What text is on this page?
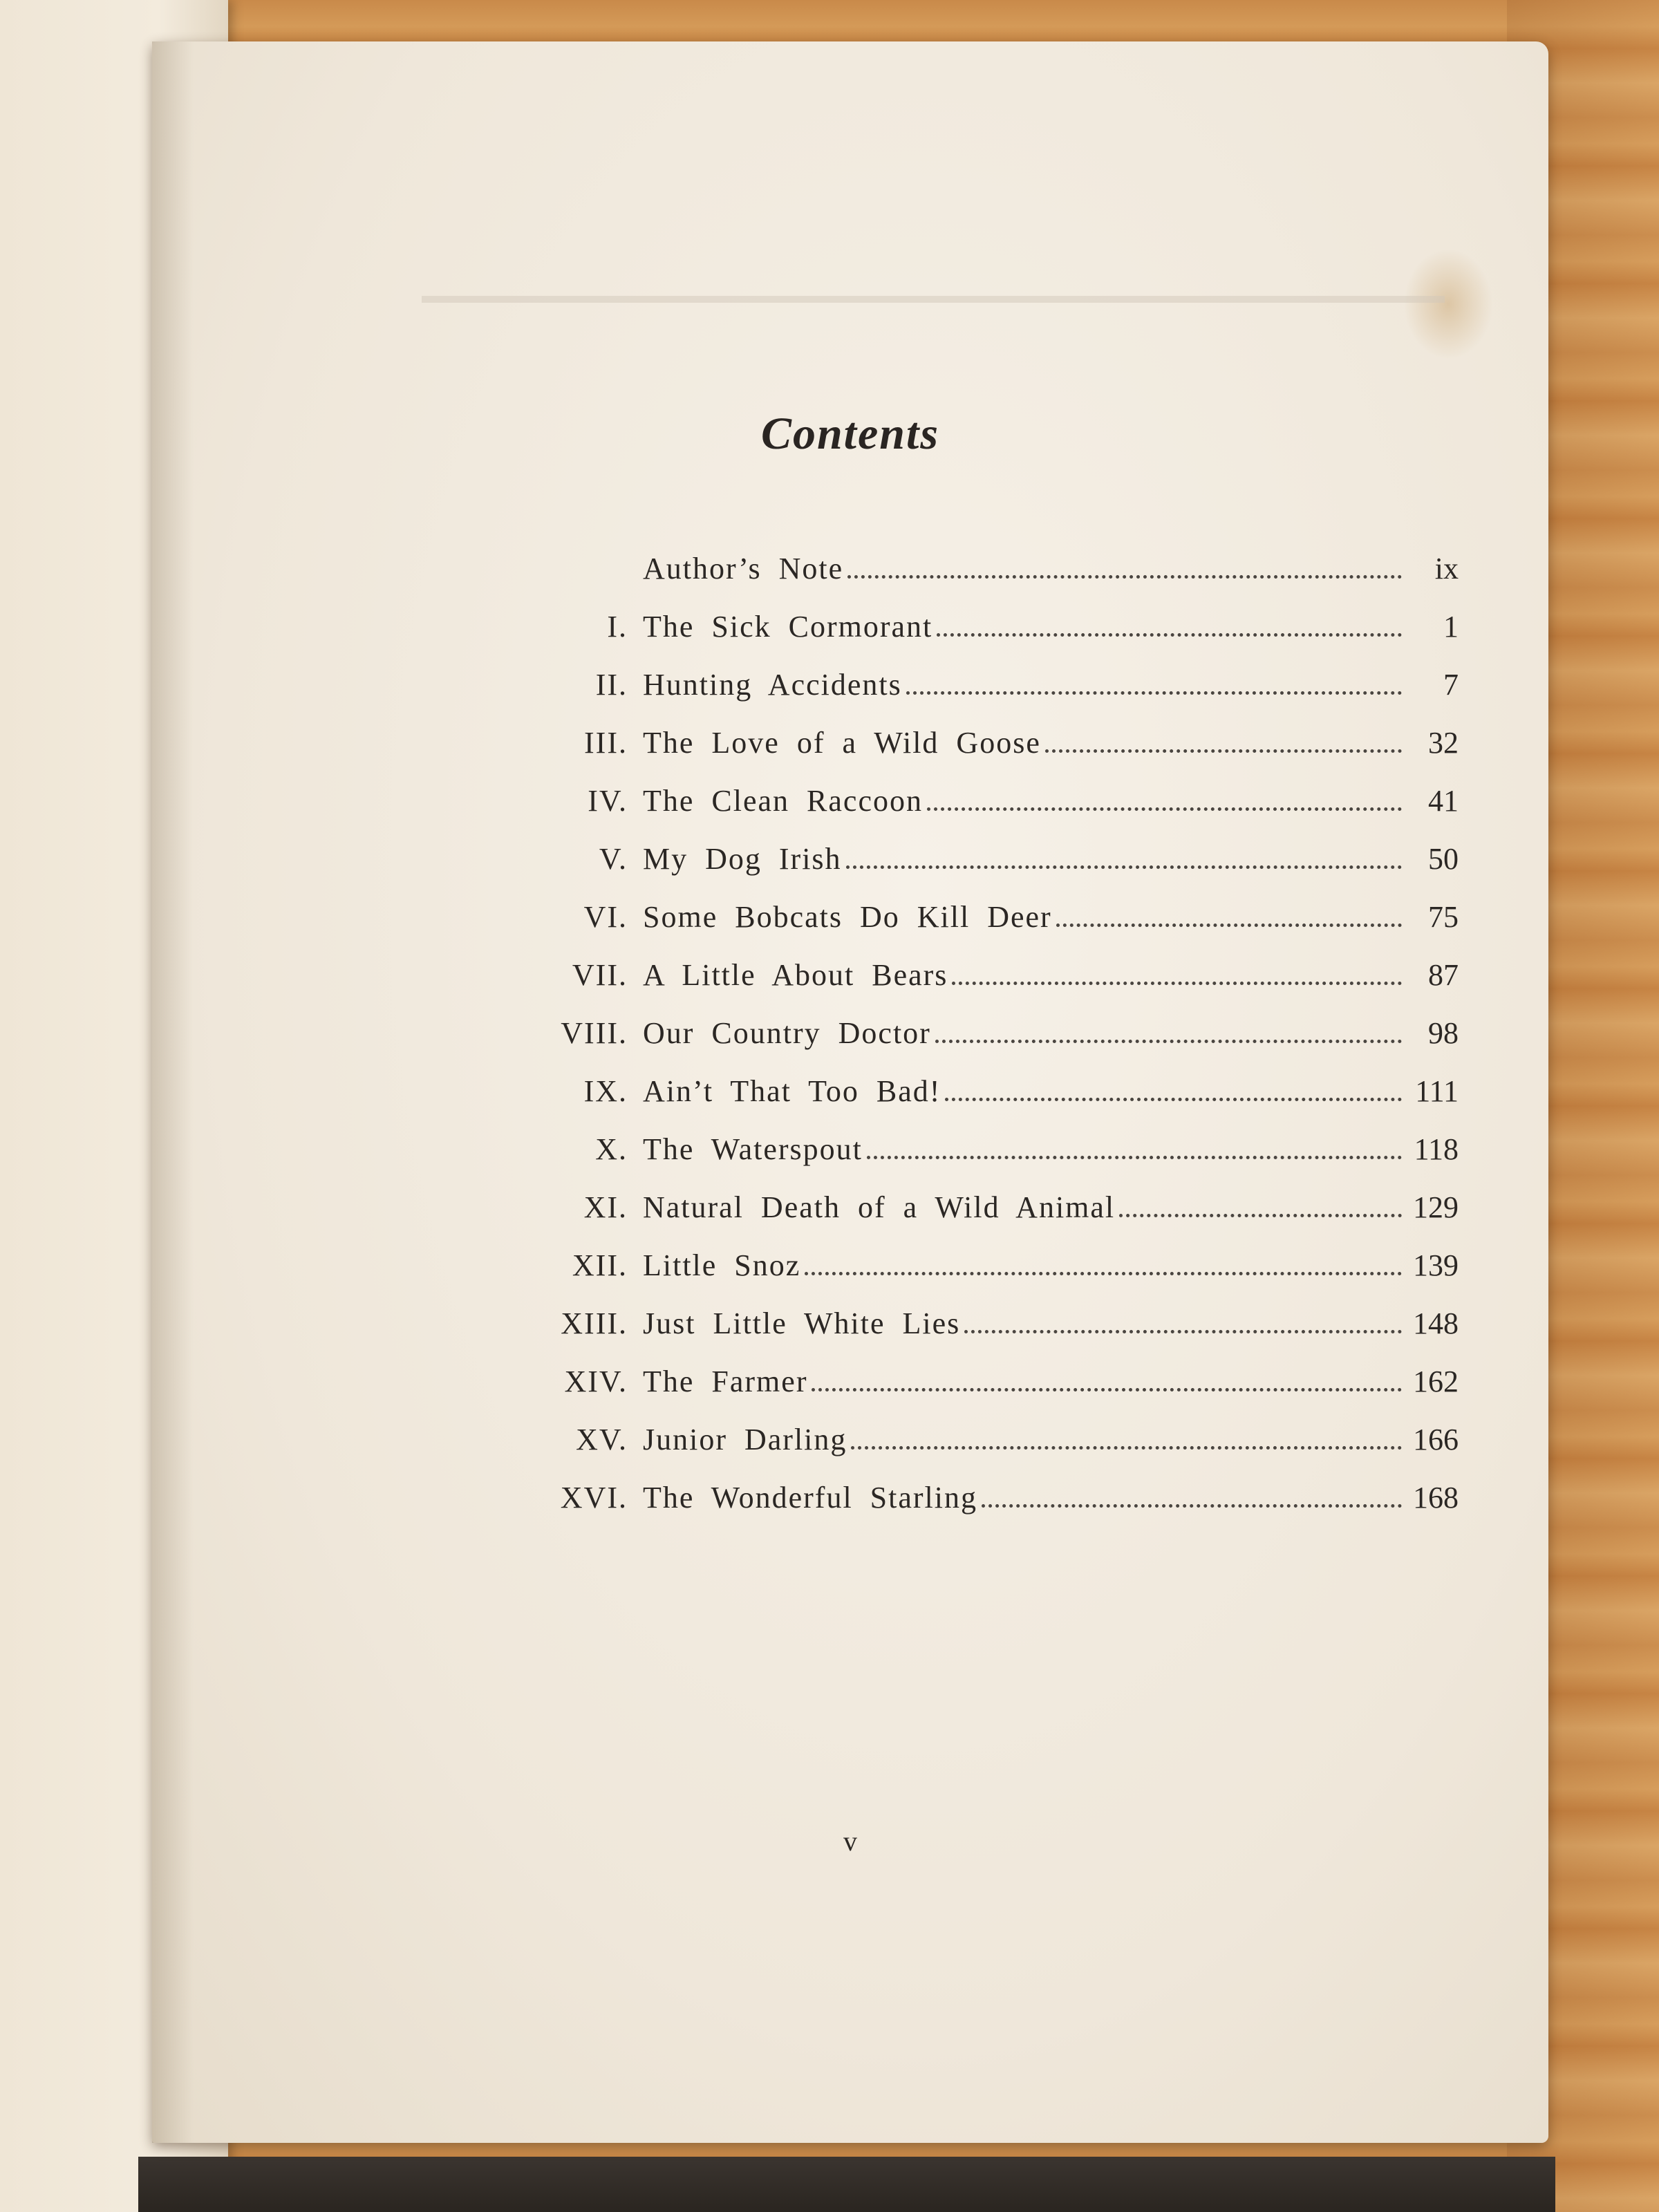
Contents
Author’s Note	ix
I. The Sick Cormorant	1
II. Hunting Accidents	7
III. The Love of a Wild Goose	32
IV. The Clean Raccoon	41
V. My Dog Irish	50
VI. Some Bobcats Do Kill Deer	75
VII. A Little About Bears	87
VIII. Our Country Doctor	98
IX. Ain’t That Too Bad!	111
X. The Waterspout	118
XI. Natural Death of a Wild Animal	129
XII. Little Snoz	139
XIII. Just Little White Lies	148
XIV. The Farmer	162
XV. Junior Darling	166
XVI. The Wonderful Starling	168
v
